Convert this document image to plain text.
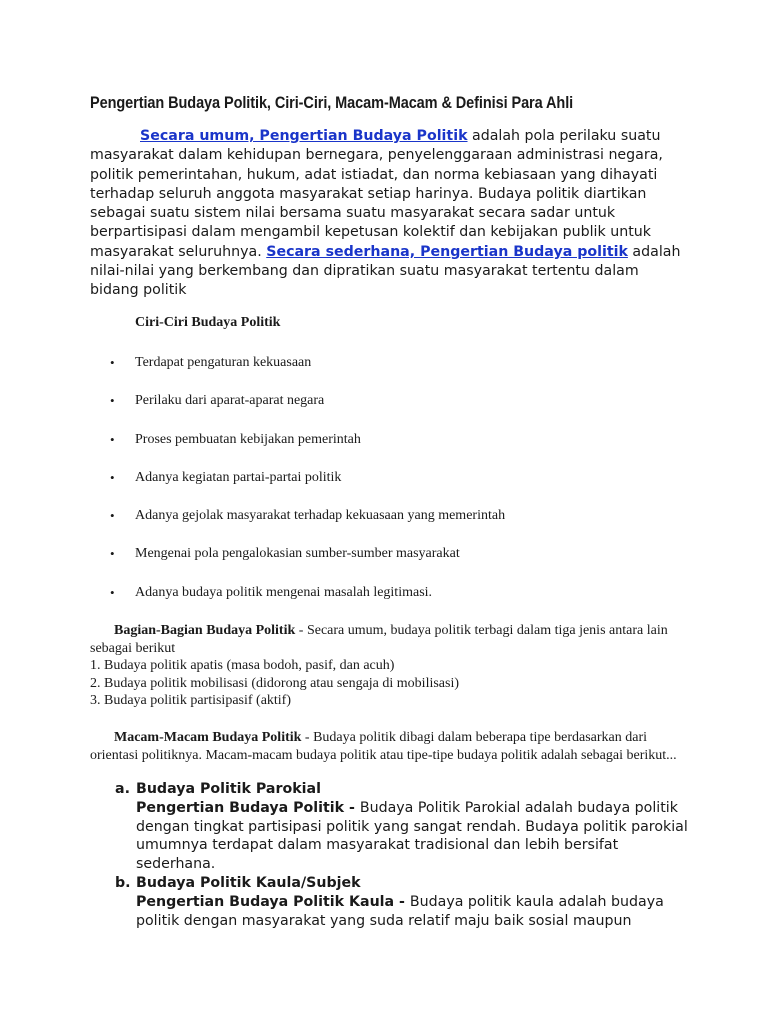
Pengertian Budaya Politik, Ciri-Ciri, Macam-Macam & Definisi Para Ahli
Secara umum, Pengertian Budaya Politik adalah pola perilaku suatu masyarakat dalam kehidupan bernegara, penyelenggaraan administrasi negara, politik pemerintahan, hukum, adat istiadat, dan norma kebiasaan yang dihayati terhadap seluruh anggota masyarakat setiap harinya. Budaya politik diartikan sebagai suatu sistem nilai bersama suatu masyarakat secara sadar untuk berpartisipasi dalam mengambil kepetusan kolektif dan kebijakan publik untuk masyarakat seluruhnya. Secara sederhana, Pengertian Budaya politik adalah nilai-nilai yang berkembang dan dipratikan suatu masyarakat tertentu dalam bidang politik
Ciri-Ciri Budaya Politik
•	Terdapat pengaturan kekuasaan
•	Perilaku dari aparat-aparat negara
•	Proses pembuatan kebijakan pemerintah
•	Adanya kegiatan partai-partai politik
•	Adanya gejolak masyarakat terhadap kekuasaan yang memerintah
•	Mengenai pola pengalokasian sumber-sumber masyarakat
•	Adanya budaya politik mengenai masalah legitimasi.
Bagian-Bagian Budaya Politik - Secara umum, budaya politik terbagi dalam tiga jenis antara lain sebagai berikut
1. Budaya politik apatis (masa bodoh, pasif, dan acuh)
2. Budaya politik mobilisasi (didorong atau sengaja di mobilisasi)
3. Budaya politik partisipasif (aktif)
Macam-Macam Budaya Politik - Budaya politik dibagi dalam beberapa tipe berdasarkan dari orientasi politiknya. Macam-macam budaya politik atau tipe-tipe budaya politik adalah sebagai berikut...
a. Budaya Politik Parokial
Pengertian Budaya Politik - Budaya Politik Parokial adalah budaya politik dengan tingkat partisipasi politik yang sangat rendah. Budaya politik parokial umumnya terdapat dalam masyarakat tradisional dan lebih bersifat sederhana.
b. Budaya Politik Kaula/Subjek
Pengertian Budaya Politik Kaula - Budaya politik kaula adalah budaya politik dengan masyarakat yang suda relatif maju baik sosial maupun
